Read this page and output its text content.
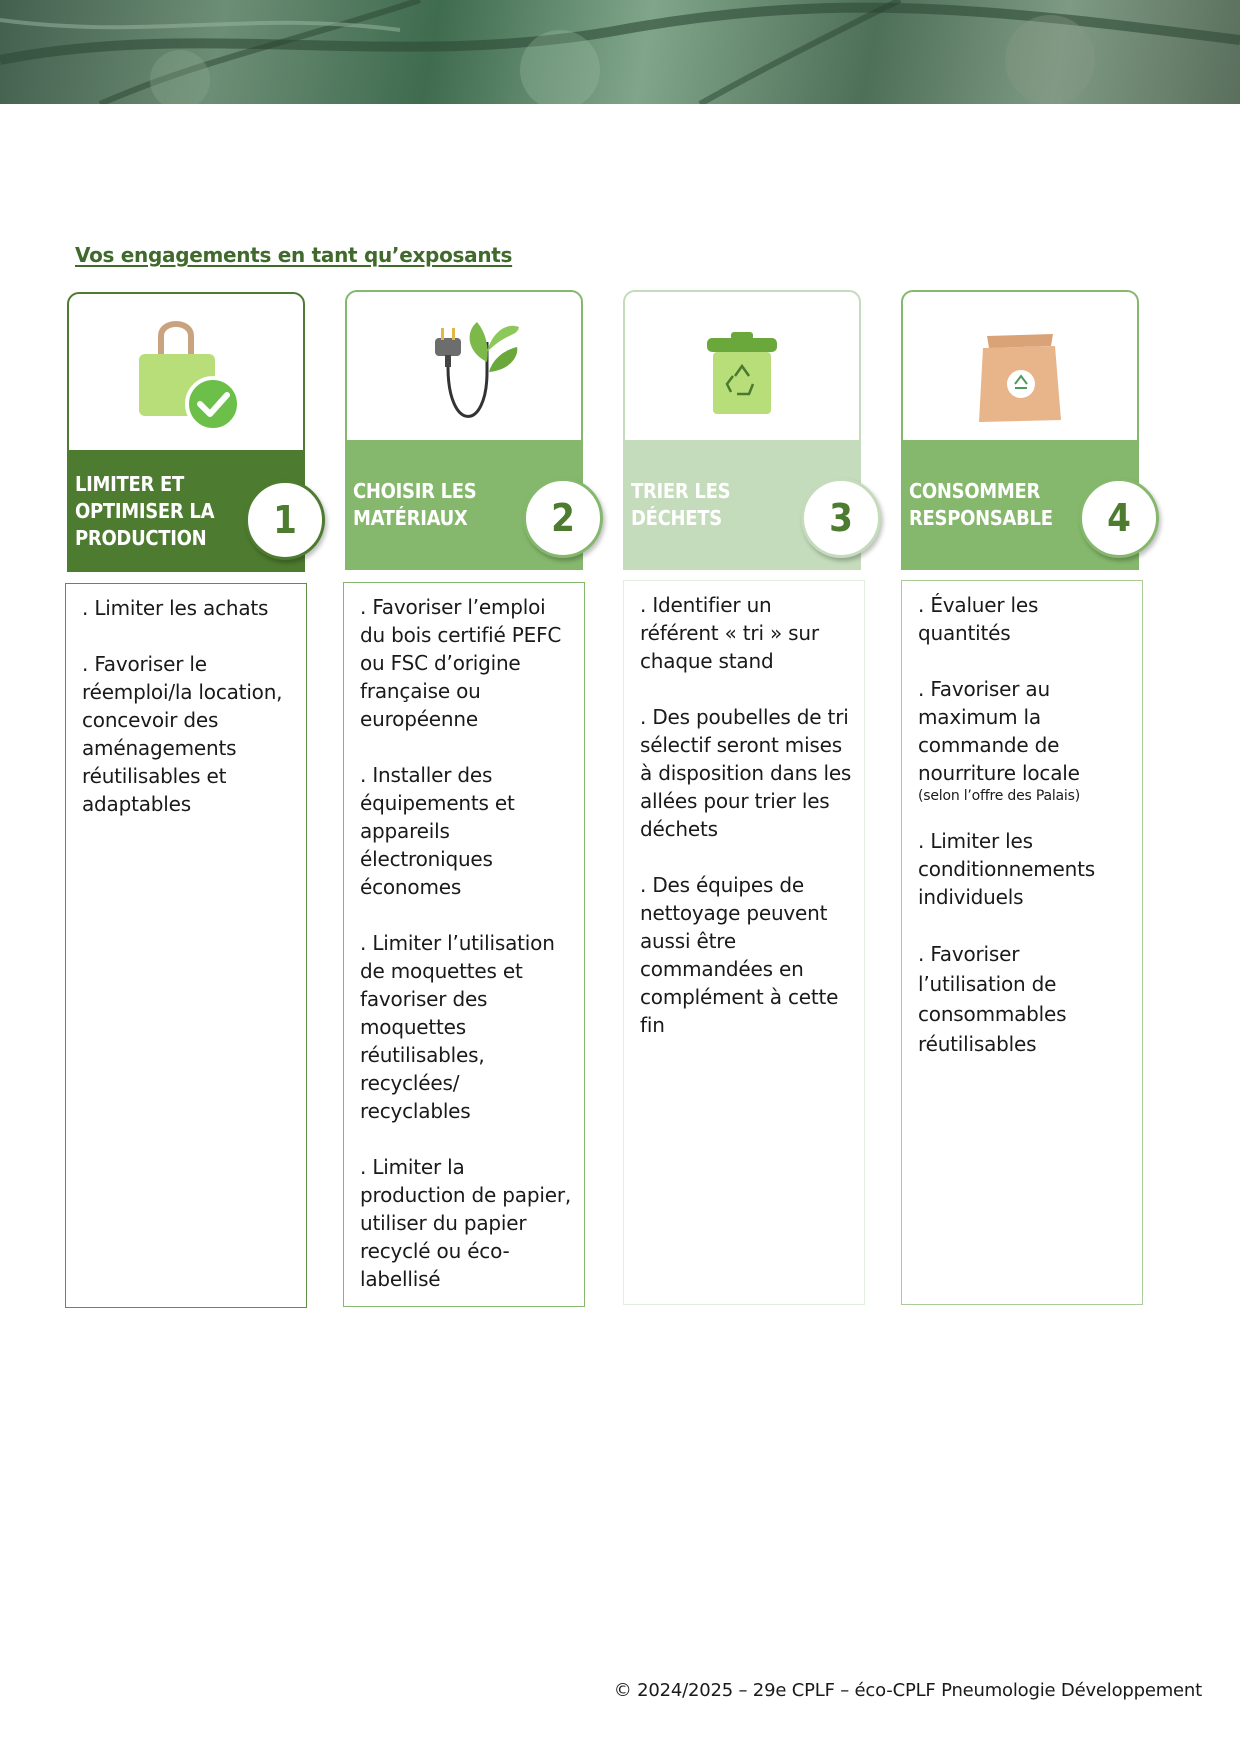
Vos engagements en tant qu’exposants
LIMITER ET OPTIMISER LA PRODUCTION	1

. Limiter les achats

. Favoriser le réemploi/la location, concevoir des aménagements réutilisables et adaptables

CHOISIR LES MATÉRIAUX	2

. Favoriser l’emploi du bois certifié PEFC ou FSC d’origine française ou européenne

. Installer des équipements et appareils électroniques économes

. Limiter l’utilisation de moquettes et favoriser des moquettes réutilisables, recyclées/ recyclables

. Limiter la production de papier, utiliser du papier recyclé ou éco-labellisé

TRIER LES DÉCHETS	3

. Identifier un référent « tri » sur chaque stand

. Des poubelles de tri sélectif seront mises à disposition dans les allées pour trier les déchets

. Des équipes de nettoyage peuvent aussi être commandées en complément à cette fin

CONSOMMER RESPONSABLE	4

. Évaluer les quantités

. Favoriser au maximum la commande de nourriture locale
(selon l’offre des Palais)

. Limiter les conditionnements individuels

. Favoriser l’utilisation de consommables réutilisables

© 2024/2025 – 29e CPLF – éco-CPLF Pneumologie Développement
